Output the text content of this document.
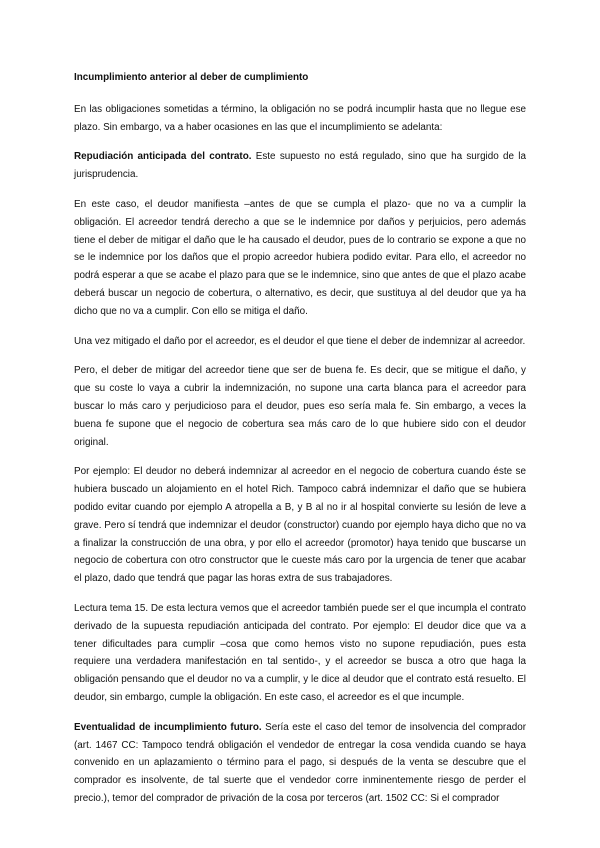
Incumplimiento anterior al deber de cumplimiento

En las obligaciones sometidas a término, la obligación no se podrá incumplir hasta que no llegue ese plazo. Sin embargo, va a haber ocasiones en las que el incumplimiento se adelanta:

Repudiación anticipada del contrato. Este supuesto no está regulado, sino que ha surgido de la jurisprudencia.

En este caso, el deudor manifiesta –antes de que se cumpla el plazo- que no va a cumplir la obligación. El acreedor tendrá derecho a que se le indemnice por daños y perjuicios, pero además tiene el deber de mitigar el daño que le ha causado el deudor, pues de lo contrario se expone a que no se le indemnice por los daños que el propio acreedor hubiera podido evitar. Para ello, el acreedor no podrá esperar a que se acabe el plazo para que se le indemnice, sino que antes de que el plazo acabe deberá buscar un negocio de cobertura, o alternativo, es decir, que sustituya al del deudor que ya ha dicho que no va a cumplir. Con ello se mitiga el daño.

Una vez mitigado el daño por el acreedor, es el deudor el que tiene el deber de indemnizar al acreedor.

Pero, el deber de mitigar del acreedor tiene que ser de buena fe. Es decir, que se mitigue el daño, y que su coste lo vaya a cubrir la indemnización, no supone una carta blanca para el acreedor para buscar lo más caro y perjudicioso para el deudor, pues eso sería mala fe. Sin embargo, a veces la buena fe supone que el negocio de cobertura sea más caro de lo que hubiere sido con el deudor original.

Por ejemplo: El deudor no deberá indemnizar al acreedor en el negocio de cobertura cuando éste se hubiera buscado un alojamiento en el hotel Rich. Tampoco cabrá indemnizar el daño que se hubiera podido evitar cuando por ejemplo A atropella a B, y B al no ir al hospital convierte su lesión de leve a grave. Pero sí tendrá que indemnizar el deudor (constructor) cuando por ejemplo haya dicho que no va a finalizar la construcción de una obra, y por ello el acreedor (promotor) haya tenido que buscarse un negocio de cobertura con otro constructor que le cueste más caro por la urgencia de tener que acabar el plazo, dado que tendrá que pagar las horas extra de sus trabajadores.

Lectura tema 15. De esta lectura vemos que el acreedor también puede ser el que incumpla el contrato derivado de la supuesta repudiación anticipada del contrato. Por ejemplo: El deudor dice que va a tener dificultades para cumplir –cosa que como hemos visto no supone repudiación, pues esta requiere una verdadera manifestación en tal sentido-, y el acreedor se busca a otro que haga la obligación pensando que el deudor no va a cumplir, y le dice al deudor que el contrato está resuelto. El deudor, sin embargo, cumple la obligación. En este caso, el acreedor es el que incumple.

Eventualidad de incumplimiento futuro. Sería este el caso del temor de insolvencia del comprador (art. 1467 CC: Tampoco tendrá obligación el vendedor de entregar la cosa vendida cuando se haya convenido en un aplazamiento o término para el pago, si después de la venta se descubre que el comprador es insolvente, de tal suerte que el vendedor corre inminentemente riesgo de perder el precio.), temor del comprador de privación de la cosa por terceros (art. 1502 CC: Si el comprador
